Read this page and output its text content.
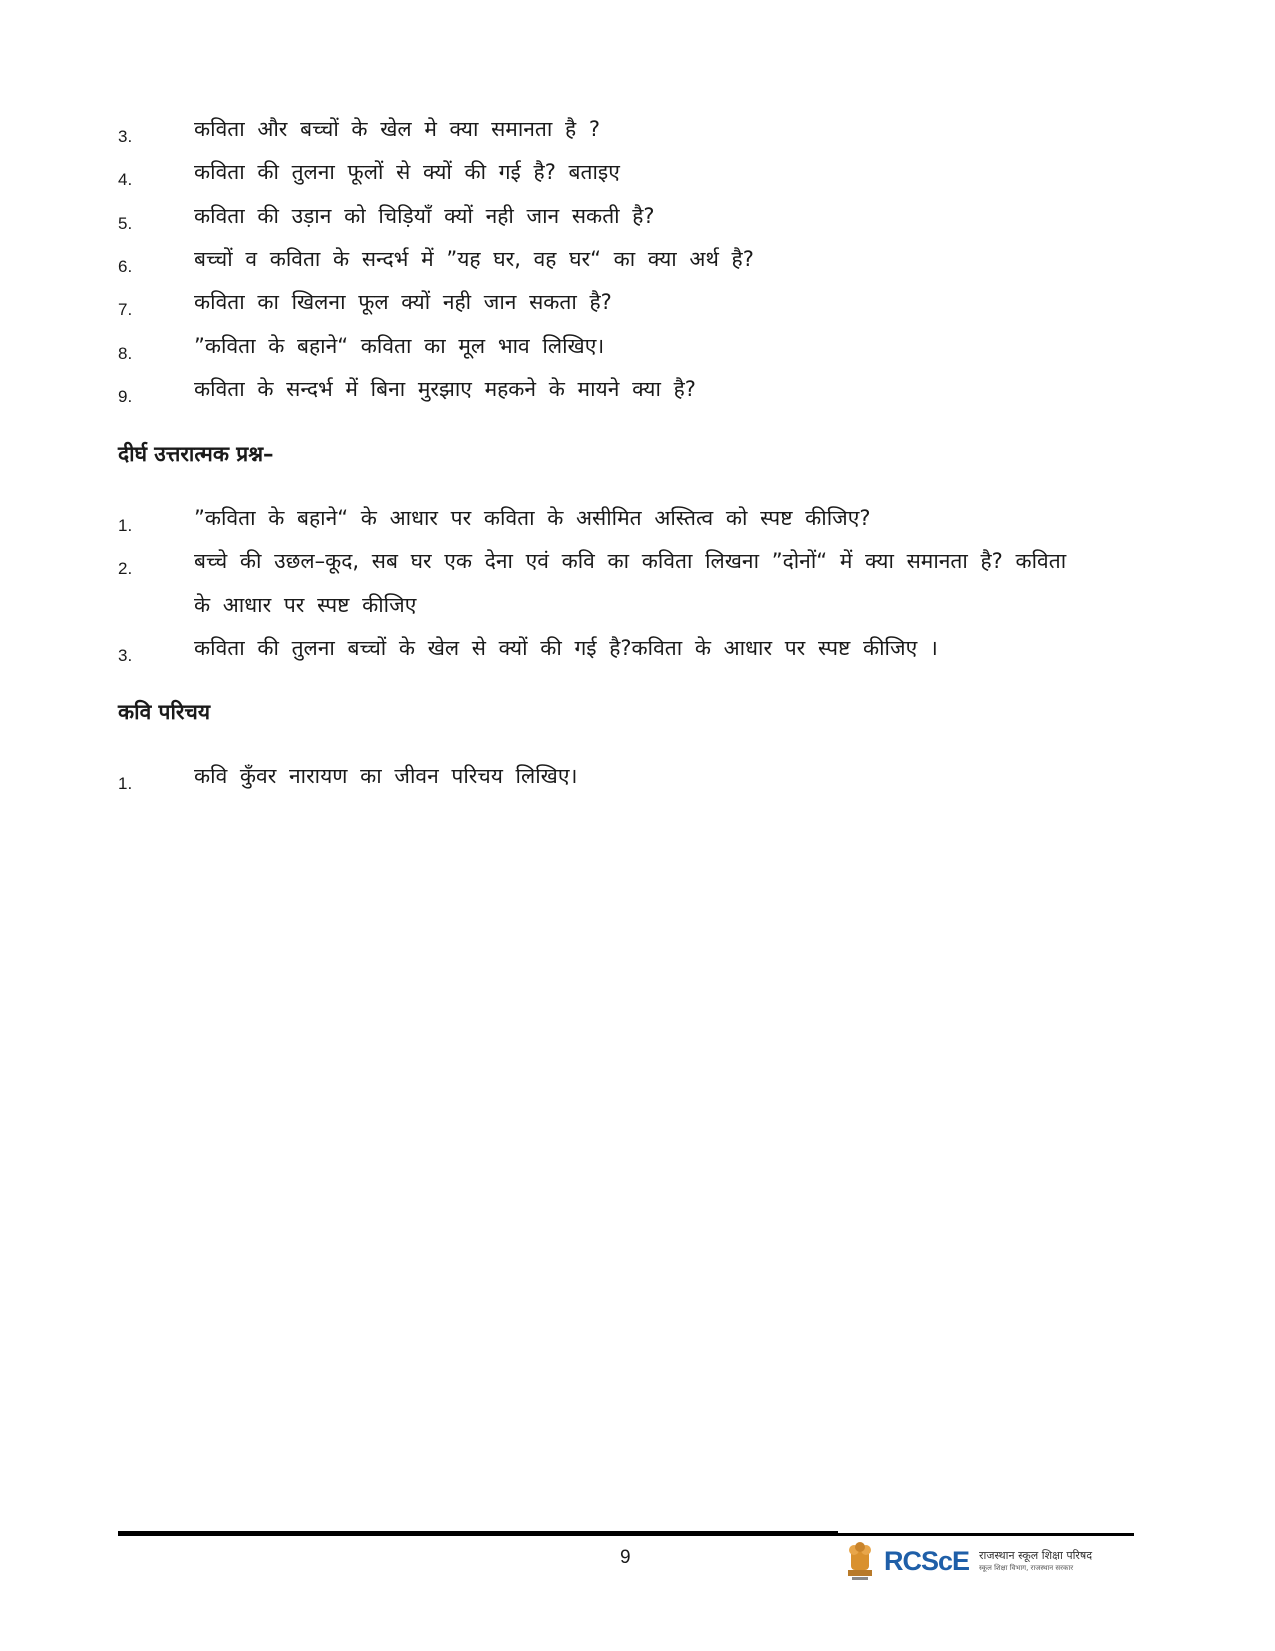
3.	कविता और बच्चों के खेल मे क्या समानता है ?
4.	कविता की तुलना फूलों से क्यों की गई है? बताइए
5.	कविता की उड़ान को चिड़ियाँ क्यों नही जान सकती है?
6.	बच्चों व कविता के सन्दर्भ में ”यह घर, वह घर“ का क्या अर्थ है?
7.	कविता का खिलना फूल क्यों नही जान सकता है?
8.	”कविता के बहाने“ कविता का मूल भाव लिखिए।
9.	कविता के सन्दर्भ में बिना मुरझाए महकने के मायने क्या है?
दीर्घ उत्तरात्मक प्रश्न–
1.	”कविता के बहाने“ के आधार पर कविता के असीमित अस्तित्व को स्पष्ट कीजिए?
2.	बच्चे की उछल–कूद, सब घर एक देना एवं कवि का कविता लिखना ”दोनों“ में क्या समानता है? कविता
के आधार पर स्पष्ट कीजिए
3.	कविता की तुलना बच्चों के खेल से क्यों की गई है?कविता के आधार पर स्पष्ट कीजिए ।
कवि परिचय
1.	कवि कुँवर नारायण का जीवन परिचय लिखिए।
9	RCScE राजस्थान स्कूल शिक्षा परिषद
स्कूल शिक्षा विभाग, राजस्थान सरकार
